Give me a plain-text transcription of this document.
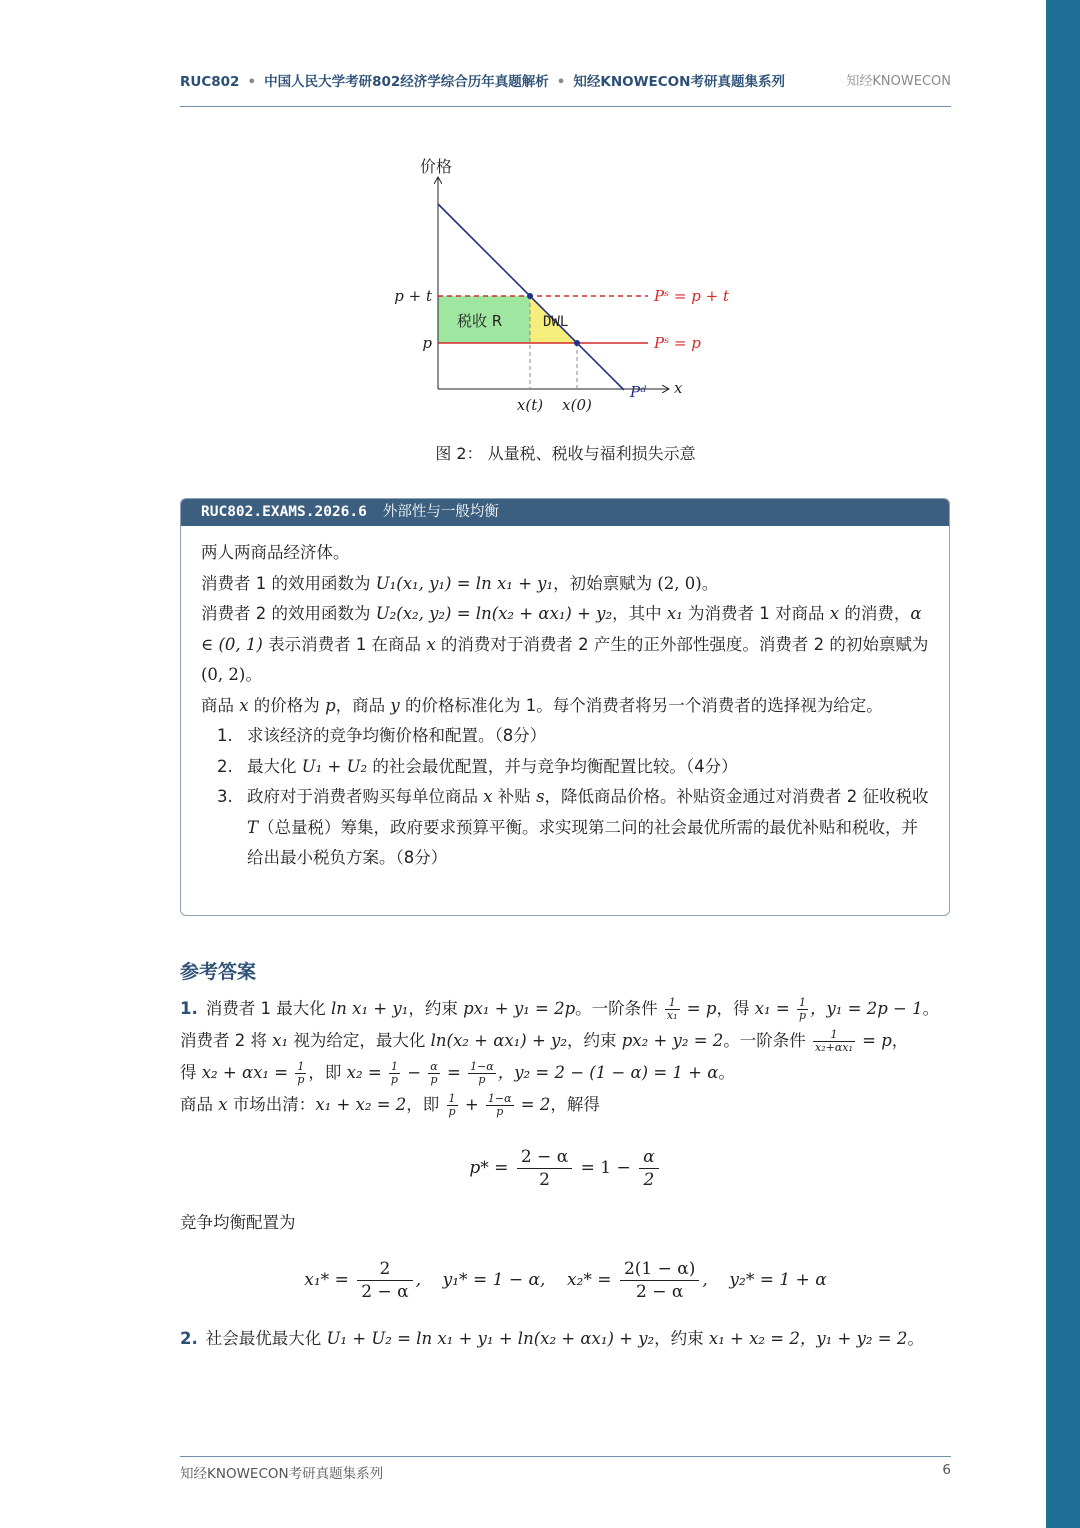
RUC802 • 中国人民大学考研802经济学综合历年真题解析 • 知经KNOWECON考研真题集系列	知经KNOWECON
价格
x
p + t
p
税收 R	DWL
Pˢ = p + t
Pˢ = p
Pᵈ
x(t) x(0)
图 2： 从量税、税收与福利损失示意
RUC802.EXAMS.2026.6 外部性与一般均衡

两人两商品经济体。

消费者 1 的效用函数为 U₁(x₁, y₁) = ln x₁ + y₁，初始禀赋为 (2, 0)。

消费者 2 的效用函数为 U₂(x₂, y₂) = ln(x₂ + αx₁) + y₂，其中 x₁ 为消费者 1 对商品 x 的消费，α ∈ (0, 1) 表示消费者 1 在商品 x 的消费对于消费者 2 产生的正外部性强度。消费者 2 的初始禀赋为 (0, 2)。

商品 x 的价格为 p，商品 y 的价格标准化为 1。每个消费者将另一个消费者的选择视为给定。

1. 求该经济的竞争均衡价格和配置。（8分）
2. 最大化 U₁ + U₂ 的社会最优配置，并与竞争均衡配置比较。（4分）
3. 政府对于消费者购买每单位商品 x 补贴 s，降低商品价格。补贴资金通过对消费者 2 征收税收 T（总量税）筹集，政府要求预算平衡。求实现第二问的社会最优所需的最优补贴和税收，并给出最小税负方案。（8分）
参考答案

1. 消费者 1 最大化 ln x₁ + y₁，约束 px₁ + y₁ = 2p。一阶条件 $\frac{1}{\text{x₁}} = p$，得 $x_1 = \frac{1}{p}$ ，y₁ = 2p − 1。

消费者 2 将 x₁ 视为给定，最大化 ln(x₂ + αx₁) + y₂，约束 px₂ + y₂ = 2。一阶条件 $\frac{1}{\text{x₂+αx₁}} = p$，

得 $x_2 + \alpha x_1 = \frac{1}{p}$ ，即 $x_2 = \frac{1}{p} - \frac{\alpha}{p} = \frac{1-\alpha}{p}$ ，y₂ = 2 − (1 − α) = 1 + α。

商品 x 市场出清：x₁ + x₂ = 2，即 $\frac{1}{p} + \frac{1-\alpha}{p} = 2$，解得

$p* = \frac{2 - \alpha}{2} = 1 - \frac{\alpha}{2}$

竞争均衡配置为

$x_1* = \frac{2}{2 - \alpha}$ ,    y₁* = 1 − α,    $x_2* = \frac{2(1 - \alpha)}{2 - \alpha}$ ,    y₂* = 1 + α

2. 社会最优最大化 U₁ + U₂ = ln x₁ + y₁ + ln(x₂ + αx₁) + y₂，约束 x₁ + x₂ = 2，y₁ + y₂ = 2。

知经KNOWECON考研真题集系列	6
